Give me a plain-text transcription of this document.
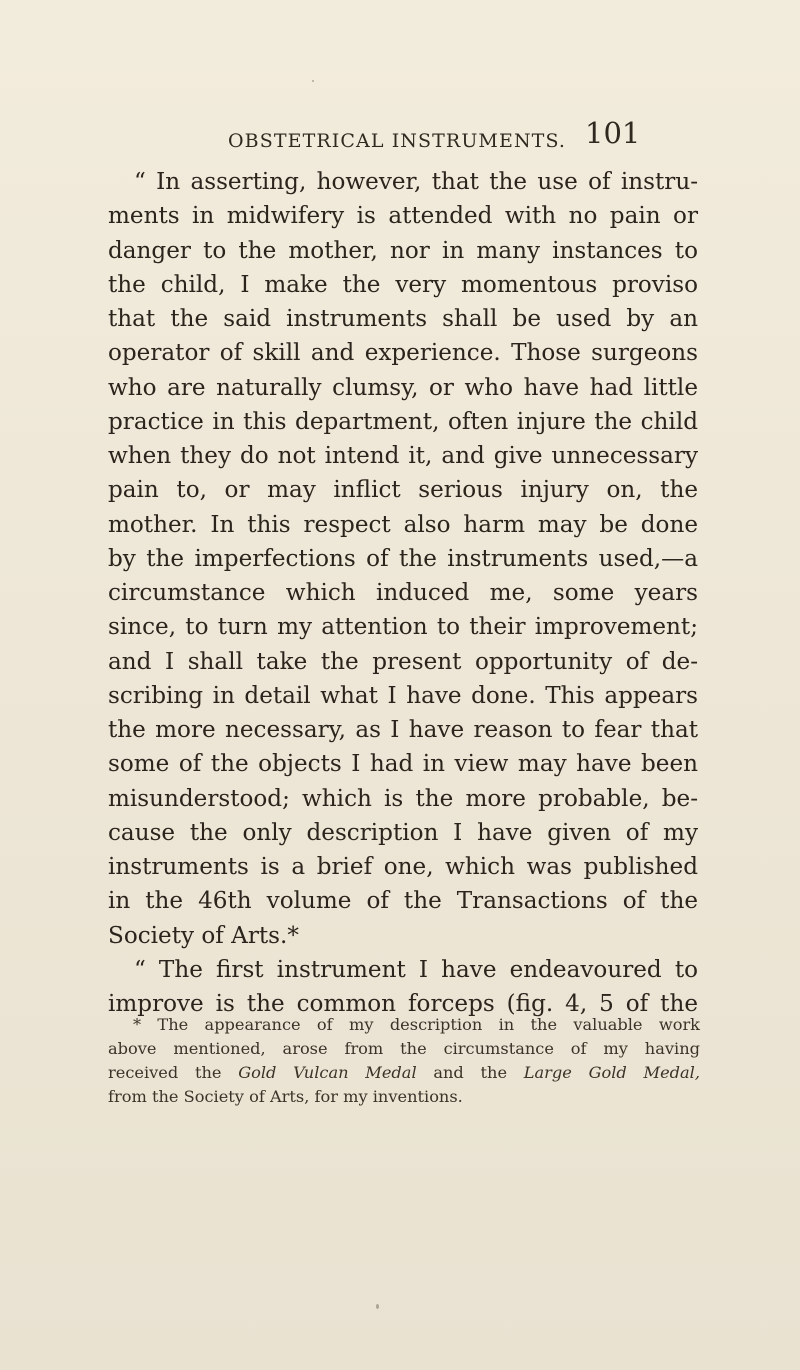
OBSTETRICAL INSTRUMENTS. 101
“ In asserting, however, that the use of instru-
ments in midwifery is attended with no pain or
danger to the mother, nor in many instances to
the child, I make the very momentous proviso
that the said instruments shall be used by an
operator of skill and experience. Those surgeons
who are naturally clumsy, or who have had little
practice in this department, often injure the child
when they do not intend it, and give unnecessary
pain to, or may inflict serious injury on, the
mother. In this respect also harm may be done
by the imperfections of the instruments used,—a
circumstance which induced me, some years
since, to turn my attention to their improvement;
and I shall take the present opportunity of de-
scribing in detail what I have done. This appears
the more necessary, as I have reason to fear that
some of the objects I had in view may have been
misunderstood; which is the more probable, be-
cause the only description I have given of my
instruments is a brief one, which was published
in the 46th volume of the Transactions of the
Society of Arts.*
“ The first instrument I have endeavoured to
improve is the common forceps (fig. 4, 5 of the
* The appearance of my description in the valuable work
above mentioned, arose from the circumstance of my having
received the Gold Vulcan Medal and the Large Gold Medal,
from the Society of Arts, for my inventions.
